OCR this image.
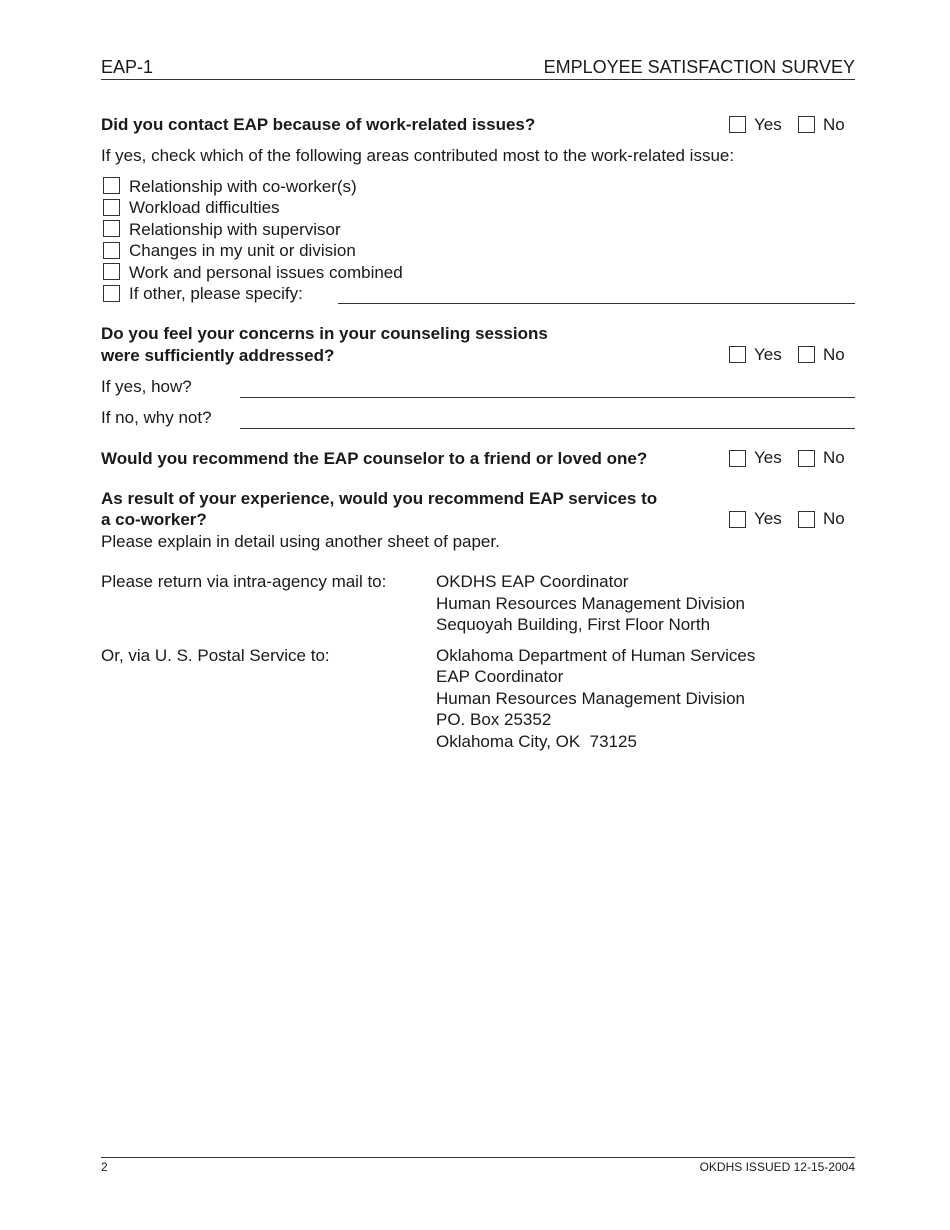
EAP-1	EMPLOYEE SATISFACTION SURVEY
Did you contact EAP because of work-related issues?	Yes No
If yes, check which of the following areas contributed most to the work-related issue:
Relationship with co-worker(s)
Workload difficulties
Relationship with supervisor
Changes in my unit or division
Work and personal issues combined
If other, please specify:
Do you feel your concerns in your counseling sessions
were sufficiently addressed?	Yes No
If yes, how?
If no, why not?
Would you recommend the EAP counselor to a friend or loved one?	Yes No
As result of your experience, would you recommend EAP services to
a co-worker?	Yes No
Please explain in detail using another sheet of paper.
Please return via intra-agency mail to:	OKDHS EAP Coordinator
Human Resources Management Division
Sequoyah Building, First Floor North
Or, via U. S. Postal Service to:	Oklahoma Department of Human Services
EAP Coordinator
Human Resources Management Division
PO. Box 25352
Oklahoma City, OK  73125
2	OKDHS ISSUED 12-15-2004
